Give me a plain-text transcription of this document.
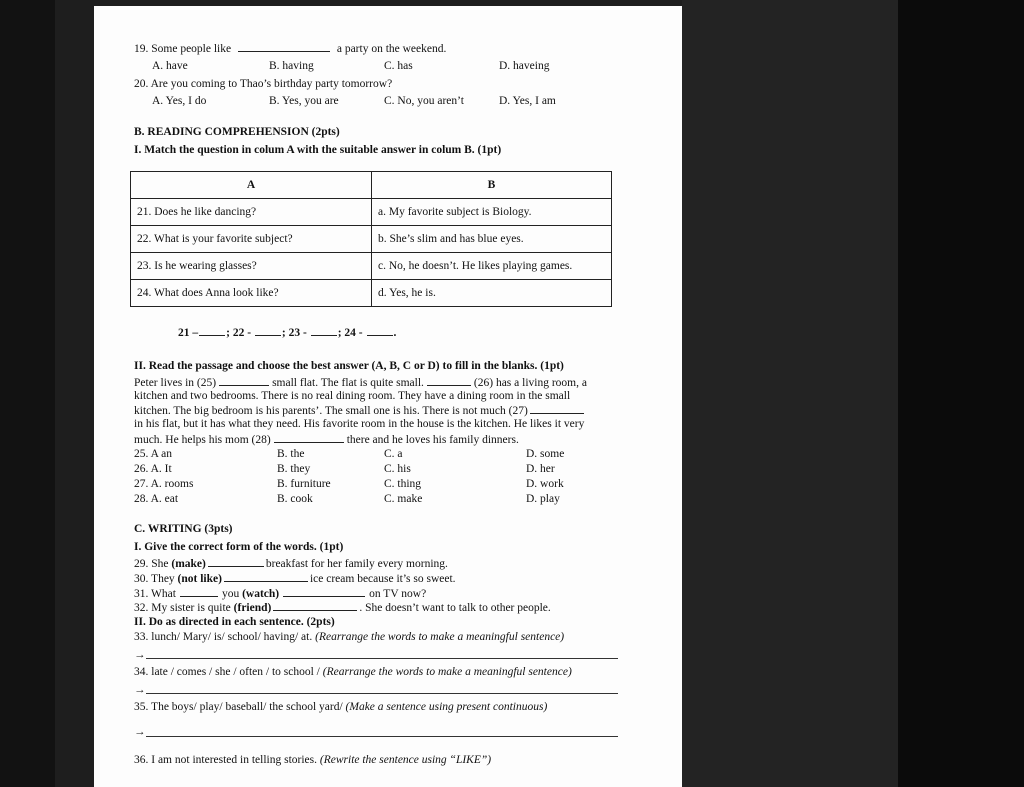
19. Some people like	a party on the weekend.
A. have	B. having	C. has	D. haveing
20. Are you coming to Thao’s birthday party tomorrow?
A. Yes, I do	B. Yes, you are	C. No, you aren’t	D. Yes, I am
B. READING COMPREHENSION (2pts)
I. Match the question in colum A with the suitable answer in colum B. (1pt)
A	B
21. Does he like dancing?	a. My favorite subject is Biology.
22. What is your favorite subject?	b. She’s slim and has blue eyes.
23. Is he wearing glasses?	c. No, he doesn’t. He likes playing games.
24. What does Anna look like?	d. Yes, he is.
21 – ; 22 -	; 23 -	; 24 -	.
II. Read the passage and choose the best answer (A, B, C or D) to fill in the blanks. (1pt)
Peter lives in (25)	small flat. The flat is quite small.	(26) has a living room, a
kitchen and two bedrooms. There is no real dining room. They have a dining room in the small
kitchen. The big bedroom is his parents’. The small one is his. There is not much (27)
in his flat, but it has what they need. His favorite room in the house is the kitchen. He likes it very
much. He helps his mom (28)	there and he loves his family dinners.
25. A an	B. the	C. a	D. some
26. A. It	B. they	C. his	D. her
27. A. rooms	B. furniture	C. thing	D. work
28. A. eat	B. cook	C. make	D. play
C. WRITING (3pts)
I. Give the correct form of the words. (1pt)
29. She (make)	breakfast for her family every morning.
30. They (not like)	ice cream because it’s so sweet.
31. What	you (watch)	on TV now?
32. My sister is quite (friend)	. She doesn’t want to talk to other people.
II. Do as directed in each sentence. (2pts)
33. lunch/ Mary/ is/ school/ having/ at. (Rearrange the words to make a meaningful sentence)
→
34. late / comes / she / often / to school / (Rearrange the words to make a meaningful sentence)
→
35. The boys/ play/ baseball/ the school yard/ (Make a sentence using present continuous)
→
36. I am not interested in telling stories. (Rewrite the sentence using “LIKE”)
